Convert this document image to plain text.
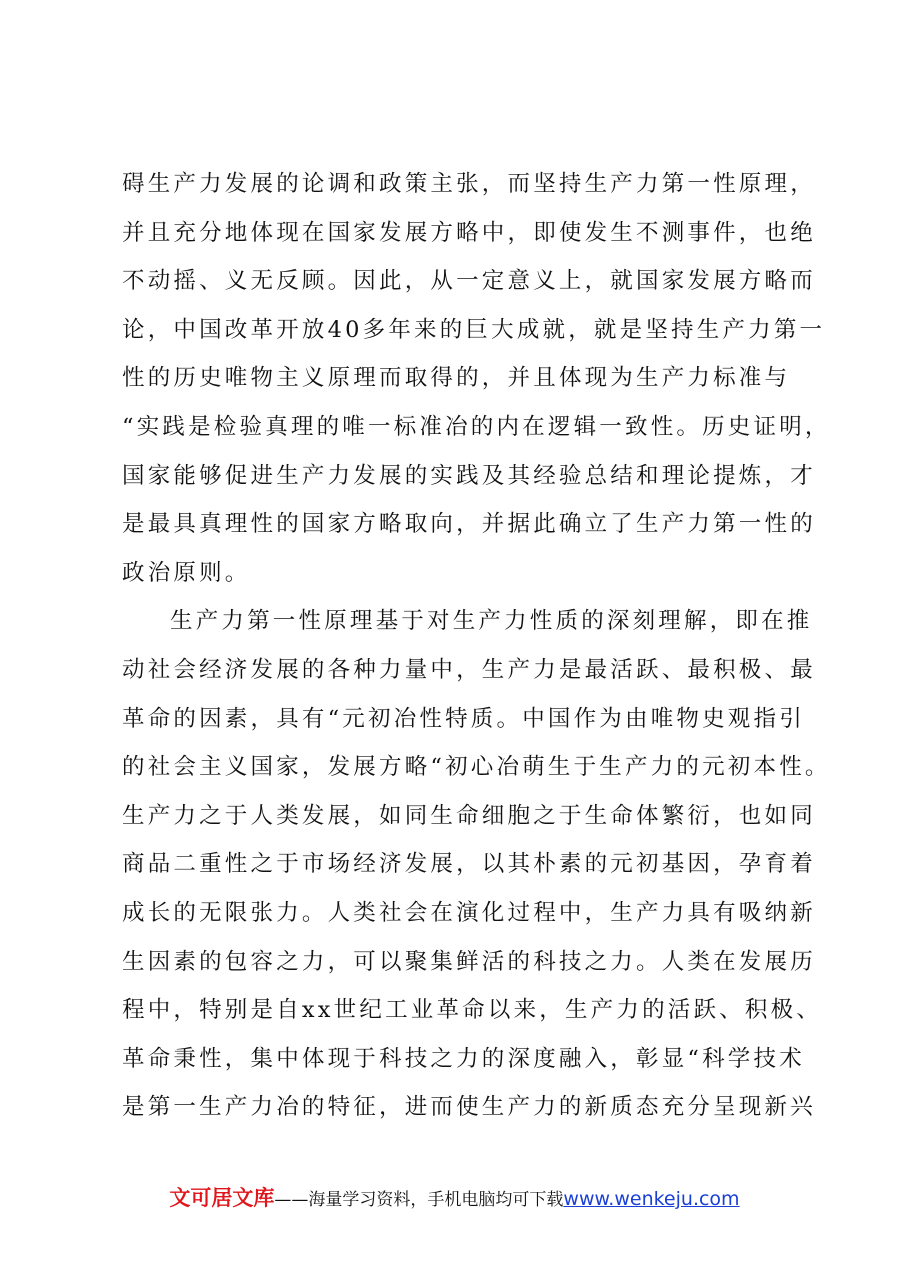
碍生产力发展的论调和政策主张，而坚持生产力第一性原理，
并且充分地体现在国家发展方略中，即使发生不测事件，也绝
不动摇、义无反顾。因此，从一定意义上，就国家发展方略而
论，中国改革开放40多年来的巨大成就，就是坚持生产力第一
性的历史唯物主义原理而取得的，并且体现为生产力标准与
“实践是检验真理的唯一标准冶的内在逻辑一致性。历史证明，
国家能够促进生产力发展的实践及其经验总结和理论提炼，才
是最具真理性的国家方略取向，并据此确立了生产力第一性的
政治原则。
生产力第一性原理基于对生产力性质的深刻理解，即在推
动社会经济发展的各种力量中，生产力是最活跃、最积极、最
革命的因素，具有“元初冶性特质。中国作为由唯物史观指引
的社会主义国家，发展方略“初心冶萌生于生产力的元初本性。
生产力之于人类发展，如同生命细胞之于生命体繁衍，也如同
商品二重性之于市场经济发展，以其朴素的元初基因，孕育着
成长的无限张力。人类社会在演化过程中，生产力具有吸纳新
生因素的包容之力，可以聚集鲜活的科技之力。人类在发展历
程中，特别是自xx世纪工业革命以来，生产力的活跃、积极、
革命秉性，集中体现于科技之力的深度融入，彰显“科学技术
是第一生产力冶的特征，进而使生产力的新质态充分呈现新兴
文可居文库——海量学习资料，手机电脑均可下载www.wenkeju.com
